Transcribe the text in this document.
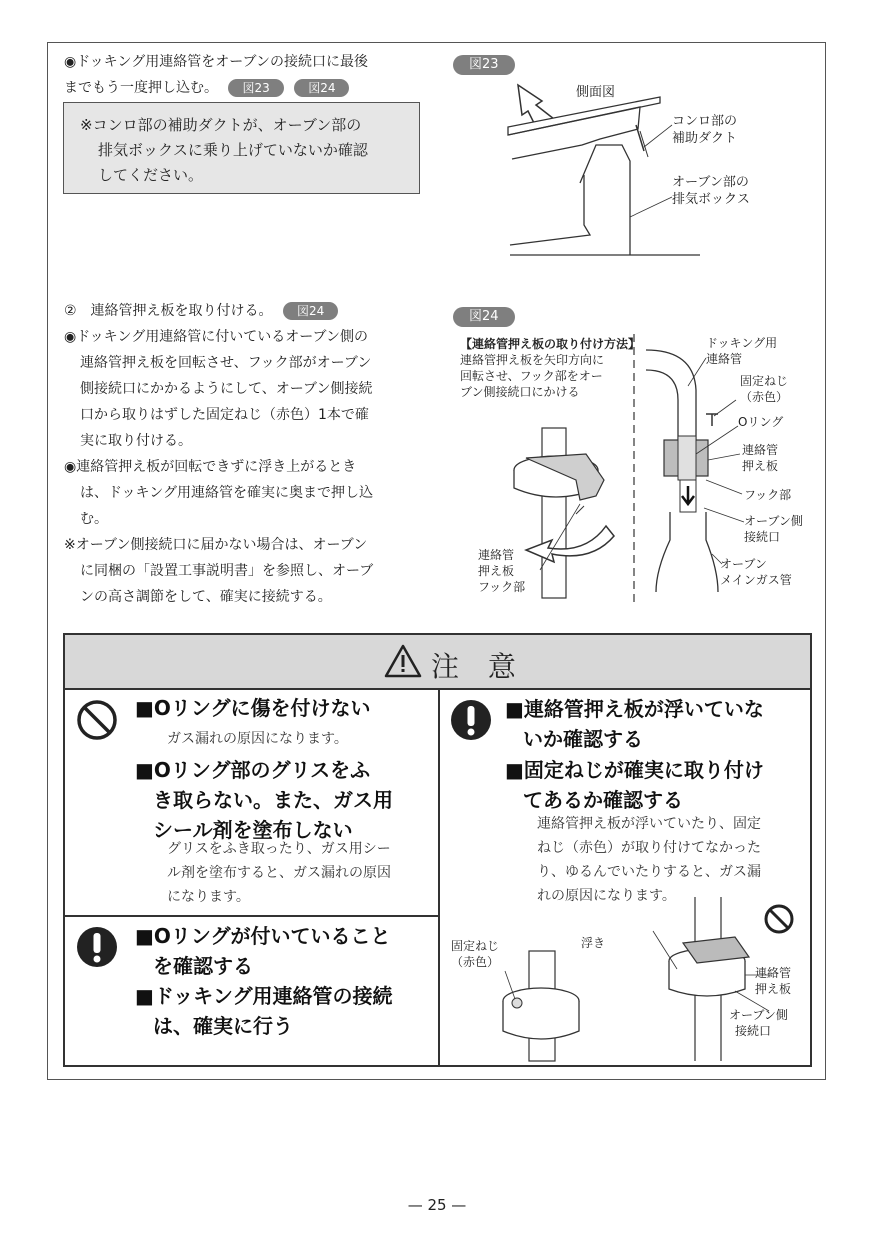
◉ドッキング用連絡管をオーブンの接続口に最後
までもう一度押し込む。 図23	図24
※コンロ部の補助ダクトが、オーブン部の
排気ボックスに乗り上げていないか確認
してください。
図23
側面図
コンロ部の
補助ダクト
オーブン部の
排気ボックス
②　連絡管押え板を取り付ける。 図24
◉ドッキング用連絡管に付いているオーブン側の
連絡管押え板を回転させ、フック部がオーブン
側接続口にかかるようにして、オーブン側接続
口から取りはずした固定ねじ（赤色）1本で確
実に取り付ける。
◉連絡管押え板が回転できずに浮き上がるとき
は、ドッキング用連絡管を確実に奥まで押し込
む。
※オーブン側接続口に届かない場合は、オーブン
に同梱の「設置工事説明書」を参照し、オーブ
ンの高さ調節をして、確実に接続する。
図24
【連絡管押え板の取り付け方法】
連絡管押え板を矢印方向に
回転させ、フック部をオー
ブン側接続口にかける
連絡管
押え板
フック部
ドッキング用
連絡管
固定ねじ
（赤色）
Oリング
連絡管
押え板
フック部
オーブン側
接続口
オーブン
メインガス管
注 意
■Oリングに傷を付けない
ガス漏れの原因になります。
■Oリング部のグリスをふ
き取らない。また、ガス用
シール剤を塗布しない
グリスをふき取ったり、ガス用シー
ル剤を塗布すると、ガス漏れの原因
になります。
■Oリングが付いていること
を確認する
■ドッキング用連絡管の接続
は、確実に行う
■連絡管押え板が浮いていな
いか確認する
■固定ねじが確実に取り付け
てあるか確認する
連絡管押え板が浮いていたり、固定
ねじ（赤色）が取り付けてなかった
り、ゆるんでいたりすると、ガス漏
れの原因になります。
固定ねじ
（赤色）
浮き
連絡管
押え板
オーブン側
接続口
— 25 —
